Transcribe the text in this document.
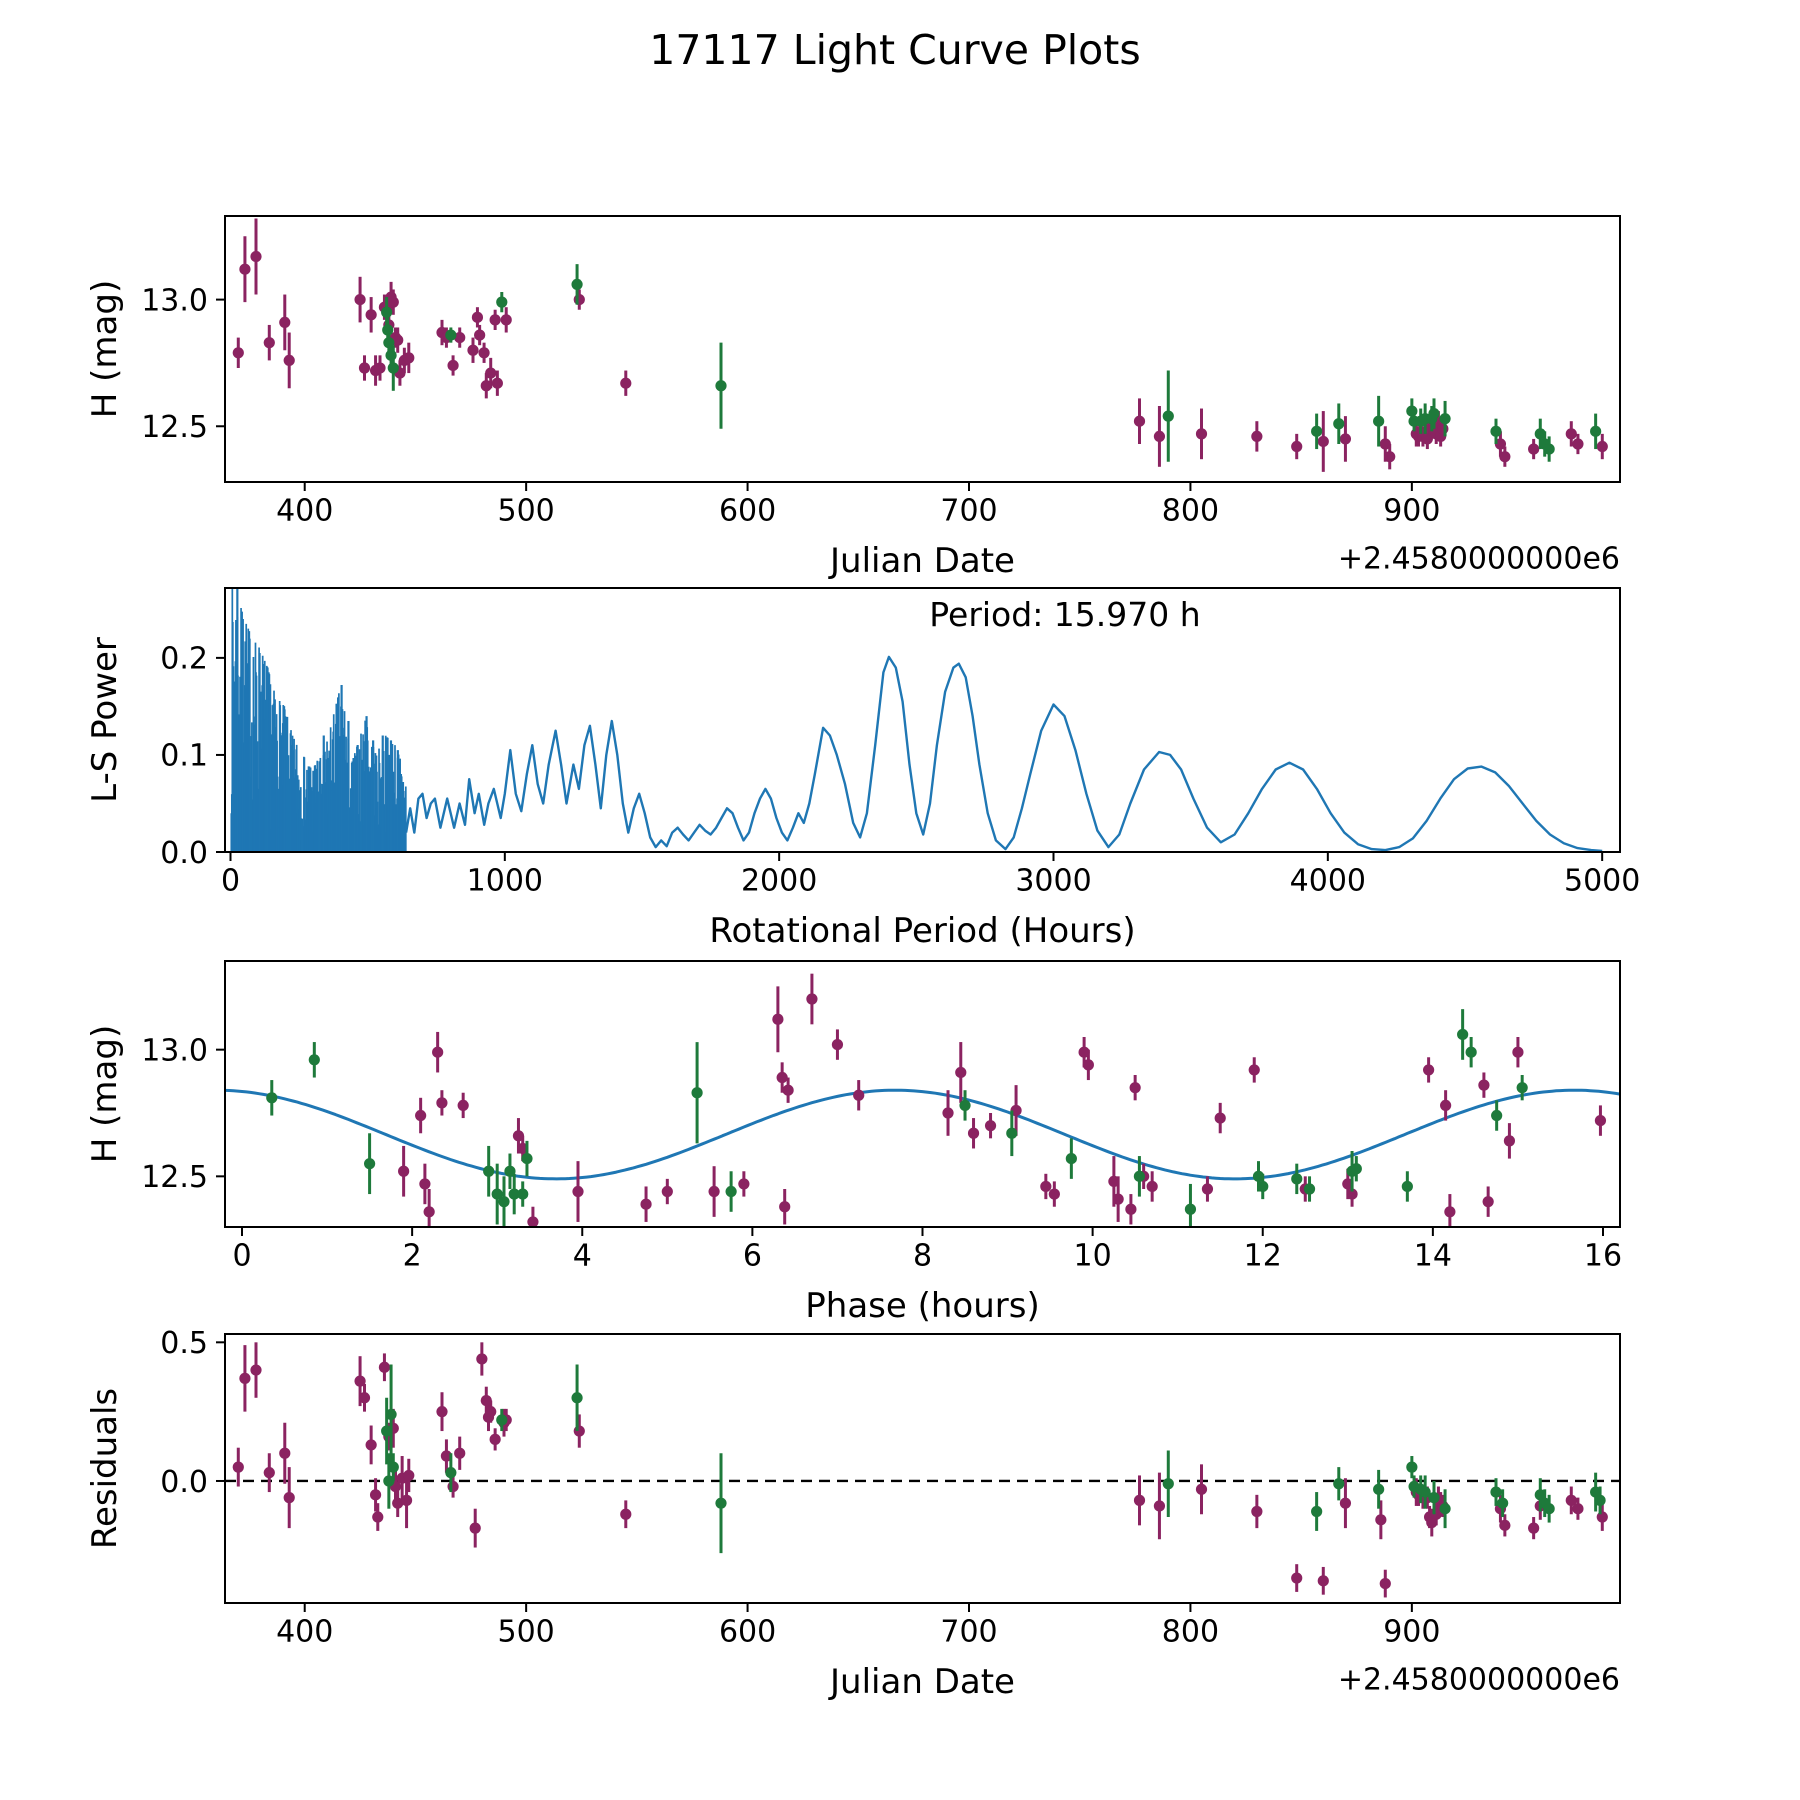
17117 Light Curve Plots
400	500	600	700	800	900
12.5
13.0
Julian Date
H (mag)
+2.4580000000e6
0	1000	2000	3000	4000	5000
0.0
0.1
0.2
Rotational Period (Hours)
L-S Power
Period: 15.970 h
0	2	4	6	8	10	12	14	16
12.5
13.0
Phase (hours)
H (mag)
400	500	600	700	800	900
0.0
0.5
Julian Date
Residuals
+2.4580000000e6
